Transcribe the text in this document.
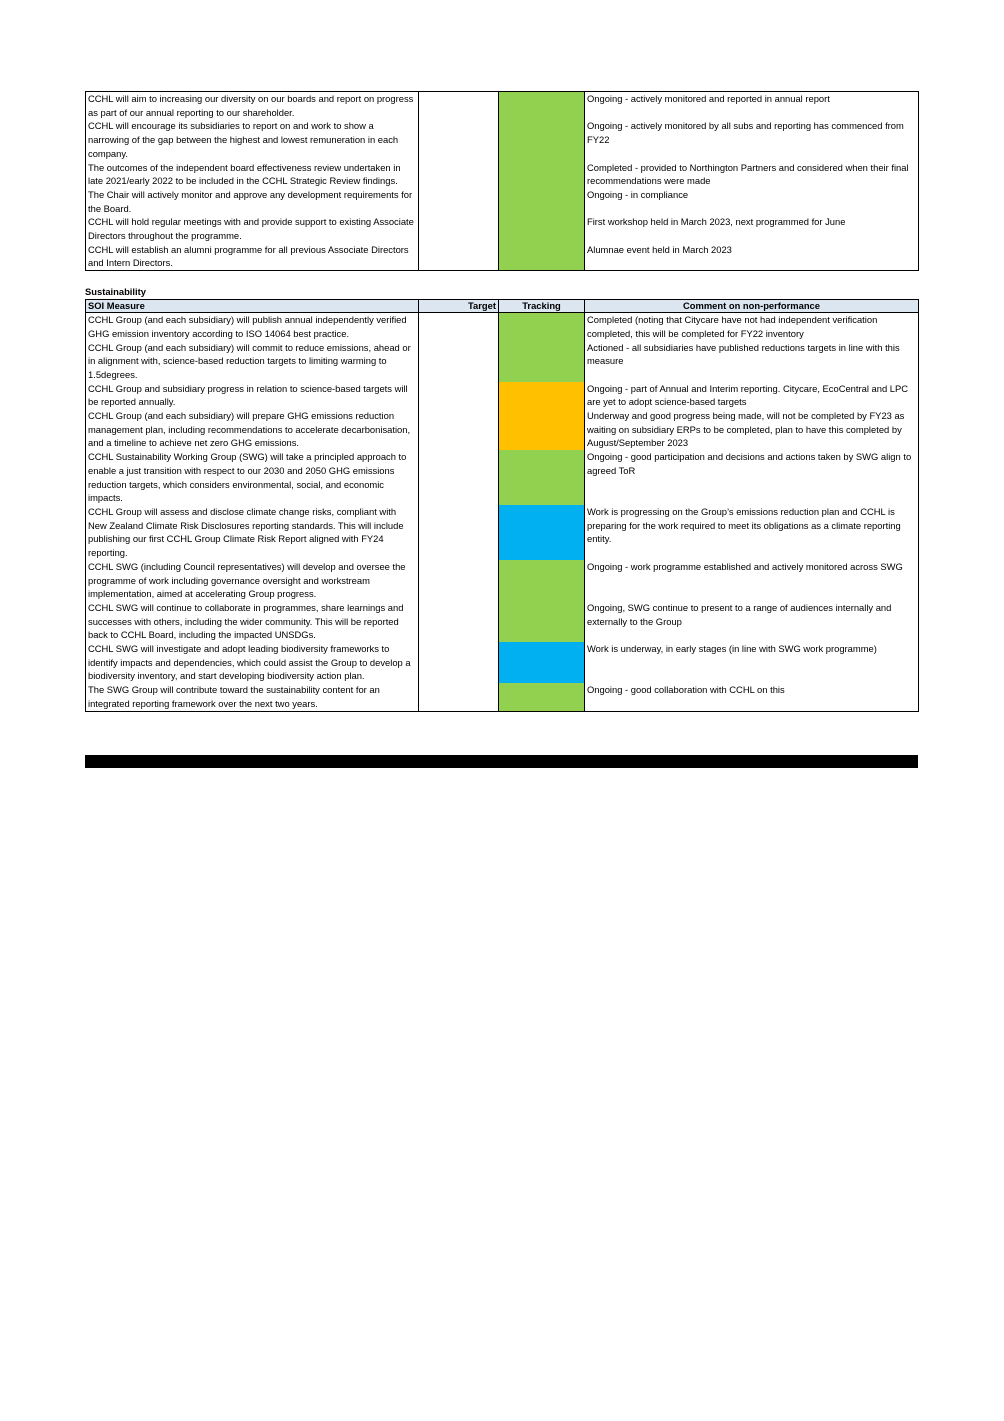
CCHL will aim to increasing our diversity on our boards and report on progress as part of our annual reporting to our shareholder.			Ongoing - actively monitored and reported in annual report
CCHL will encourage its subsidiaries to report on and work to show a narrowing of the gap between the highest and lowest remuneration in each company.			Ongoing - actively monitored by all subs and reporting has commenced from FY22
The outcomes of the independent board effectiveness review undertaken in late 2021/early 2022 to be included in the CCHL Strategic Review findings.			Completed - provided to Northington Partners and considered when their final recommendations were made
The Chair will actively monitor and approve any development requirements for the Board.			Ongoing - in compliance
CCHL will hold regular meetings with and provide support to existing Associate Directors throughout the programme.			First workshop held in March 2023, next programmed for June
CCHL will establish an alumni programme for all previous Associate Directors and Intern Directors.			Alumnae event held in March 2023
Sustainability
SOI Measure	Target	Tracking	Comment on non-performance
CCHL Group (and each subsidiary) will publish annual independently verified GHG emission inventory according to ISO 14064 best practice.			Completed (noting that Citycare have not had independent verification completed, this will be completed for FY22 inventory
CCHL Group (and each subsidiary) will commit to reduce emissions, ahead or in alignment with, science-based reduction targets to limiting warming to 1.5degrees.			Actioned - all subsidiaries have published reductions targets in line with this measure
CCHL Group and subsidiary progress in relation to science-based targets will be reported annually.			Ongoing - part of Annual and Interim reporting. Citycare, EcoCentral and LPC are yet to adopt science-based targets
CCHL Group (and each subsidiary) will prepare GHG emissions reduction management plan, including recommendations to accelerate decarbonisation, and a timeline to achieve net zero GHG emissions.			Underway and good progress being made, will not be completed by FY23 as waiting on subsidiary ERPs to be completed, plan to have this completed by August/September 2023
CCHL Sustainability Working Group (SWG) will take a principled approach to enable a just transition with respect to our 2030 and 2050 GHG emissions reduction targets, which considers environmental, social, and economic impacts.			Ongoing - good participation and decisions and actions taken by SWG align to agreed ToR
CCHL Group will assess and disclose climate change risks, compliant with New Zealand Climate Risk Disclosures reporting standards. This will include publishing our first CCHL Group Climate Risk Report aligned with FY24 reporting.			Work is progressing on the Group’s emissions reduction plan and CCHL is preparing for the work required to meet its obligations as a climate reporting entity.
CCHL SWG (including Council representatives) will develop and oversee the programme of work including governance oversight and workstream implementation, aimed at accelerating Group progress.			Ongoing - work programme established and actively monitored across SWG
CCHL SWG will continue to collaborate in programmes, share learnings and successes with others, including the wider community. This will be reported back to CCHL Board, including the impacted UNSDGs.			Ongoing, SWG continue to present to a range of audiences internally and externally to the Group
CCHL SWG will investigate and adopt leading biodiversity frameworks to identify impacts and dependencies, which could assist the Group to develop a biodiversity inventory, and start developing biodiversity action plan.			Work is underway, in early stages (in line with SWG work programme)
The SWG Group will contribute toward the sustainability content for an integrated reporting framework over the next two years.			Ongoing - good collaboration with CCHL on this
